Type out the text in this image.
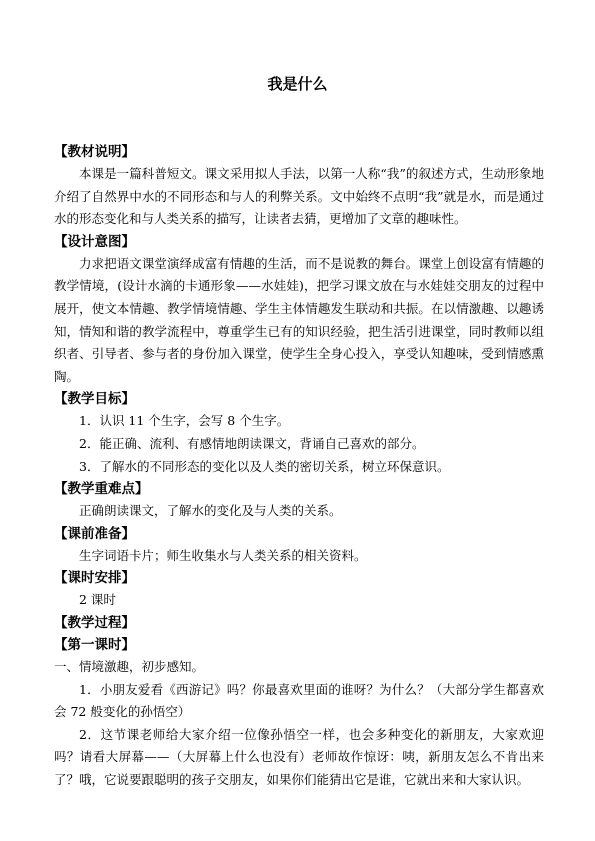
我是什么
【教材说明】
本课是一篇科普短文。课文采用拟人手法，以第一人称“我”的叙述方式，生动形象地介绍了自然界中水的不同形态和与人的利弊关系。文中始终不点明“我”就是水，而是通过水的形态变化和与人类关系的描写，让读者去猜，更增加了文章的趣味性。
【设计意图】
力求把语文课堂演绎成富有情趣的生活，而不是说教的舞台。课堂上创设富有情趣的教学情境，(设计水滴的卡通形象——水娃娃)，把学习课文放在与水娃娃交朋友的过程中展开，使文本情趣、教学情境情趣、学生主体情趣发生联动和共振。在以情激趣、以趣诱知，情知和谐的教学流程中，尊重学生已有的知识经验，把生活引进课堂，同时教师以组织者、引导者、参与者的身份加入课堂，使学生全身心投入，享受认知趣味，受到情感熏陶。
【教学目标】
1．认识 11 个生字，会写 8 个生字。
2．能正确、流利、有感情地朗读课文，背诵自己喜欢的部分。
3．了解水的不同形态的变化以及人类的密切关系，树立环保意识。
【教学重难点】
正确朗读课文，了解水的变化及与人类的关系。
【课前准备】
生字词语卡片；师生收集水与人类关系的相关资料。
【课时安排】
2 课时
【教学过程】
【第一课时】
一、情境激趣，初步感知。
1．小朋友爱看《西游记》吗？你最喜欢里面的谁呀？为什么？（大部分学生都喜欢会 72 般变化的孙悟空）
2．这节课老师给大家介绍一位像孙悟空一样，也会多种变化的新朋友，大家欢迎吗？请看大屏幕——（大屏幕上什么也没有）老师故作惊讶：咦，新朋友怎么不肯出来了？哦，它说要跟聪明的孩子交朋友，如果你们能猜出它是谁，它就出来和大家认识。
